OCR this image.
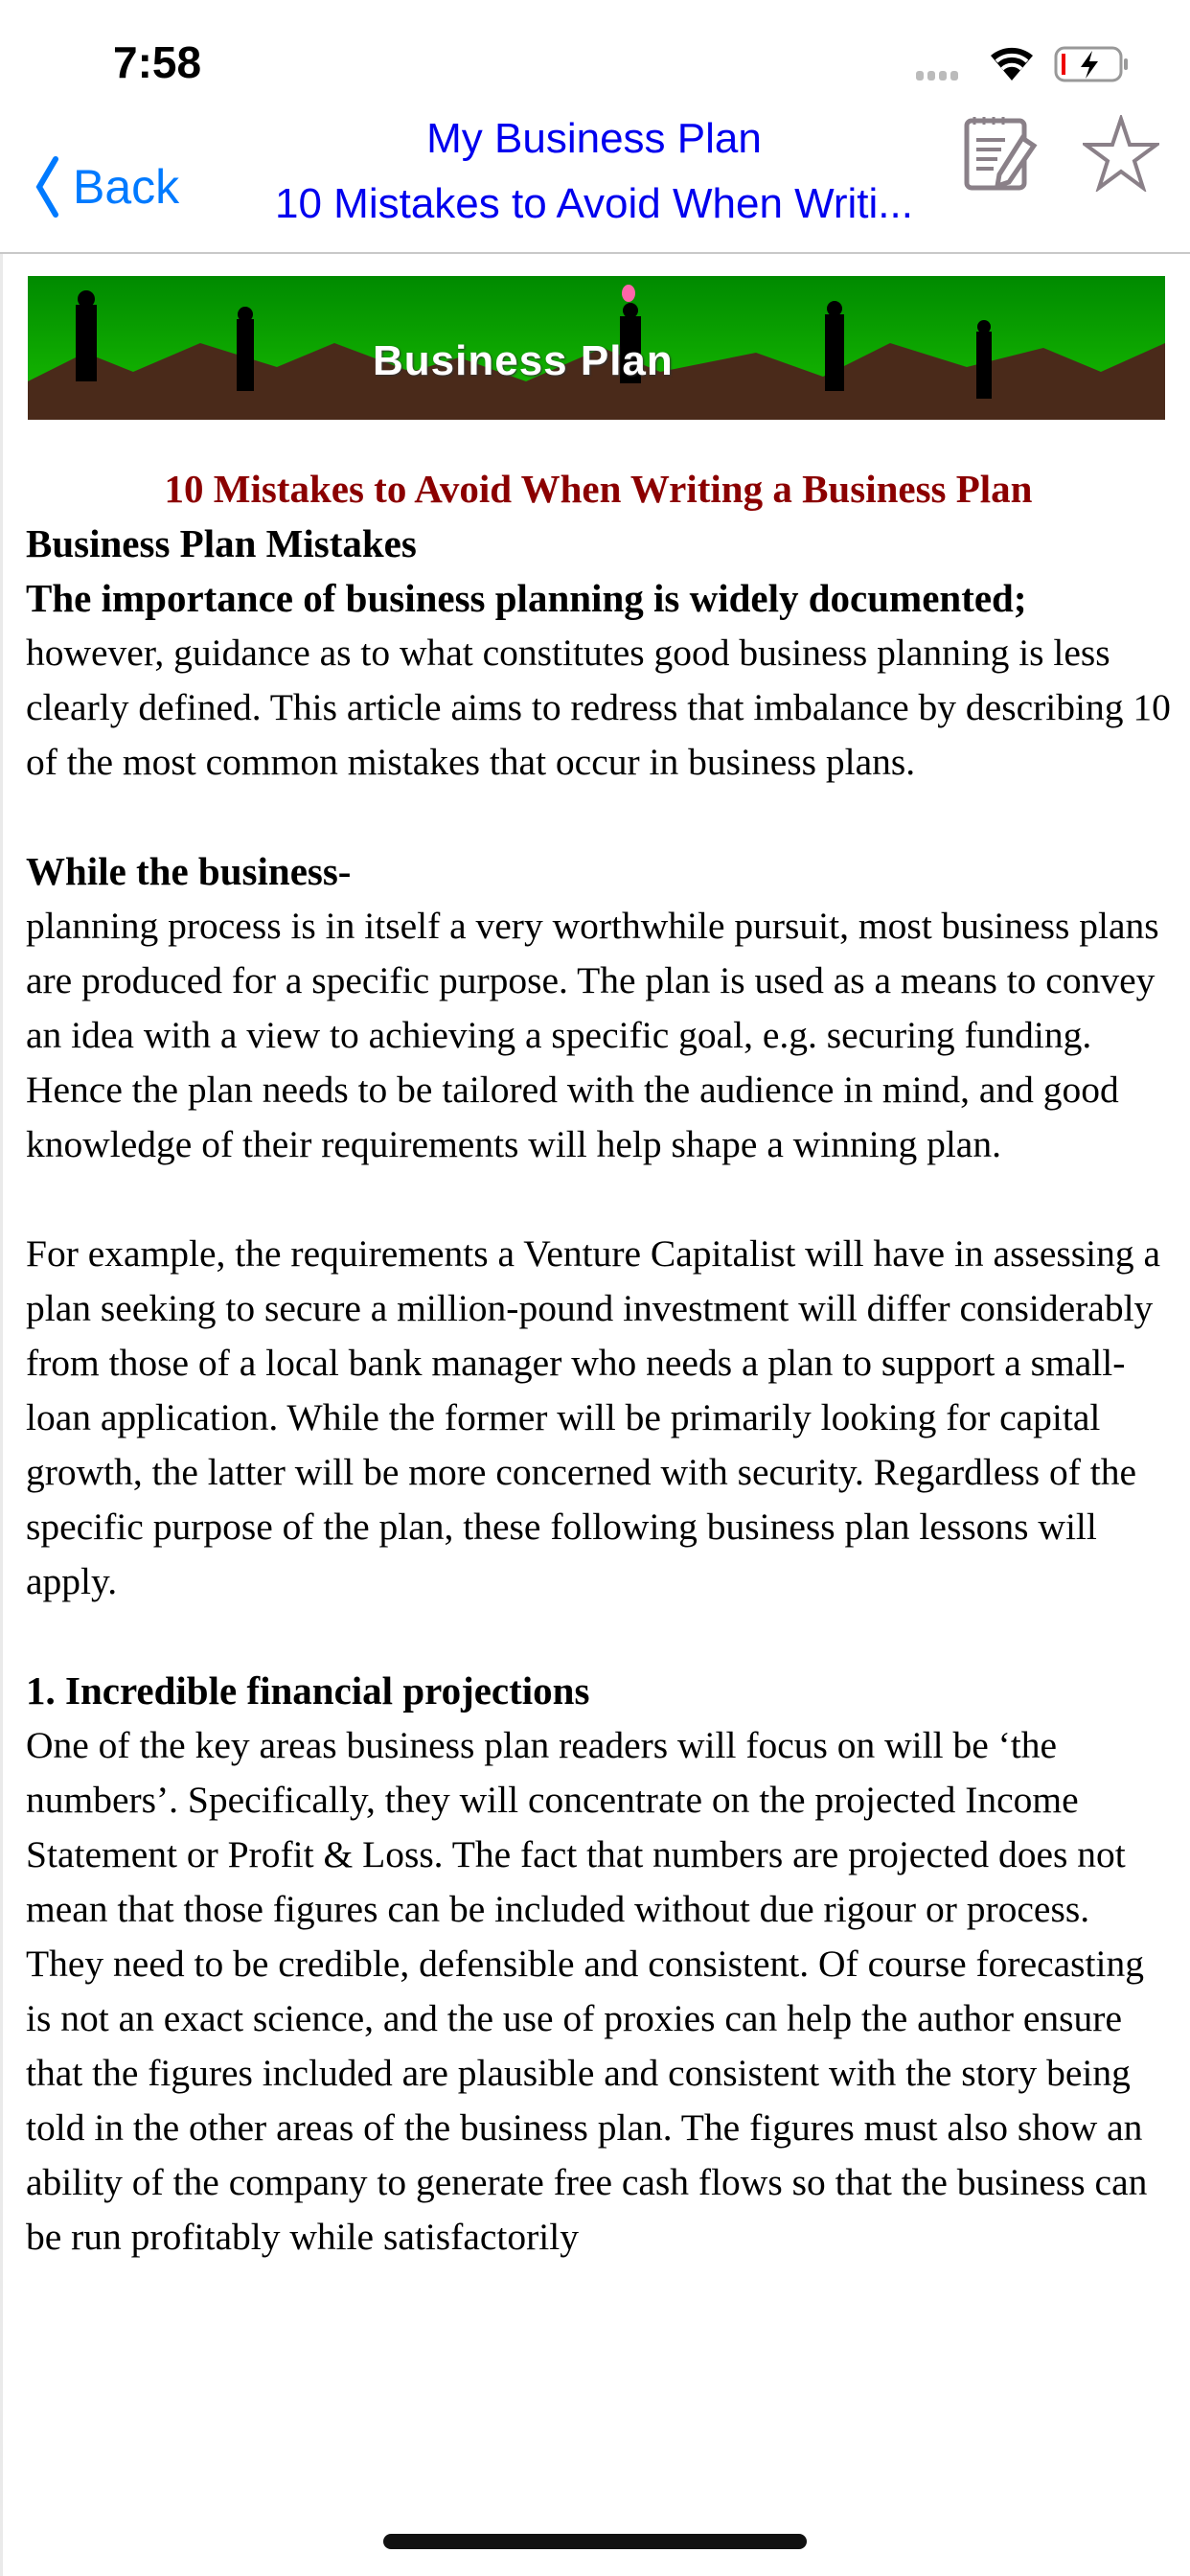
7:58
Back
My Business Plan
10 Mistakes to Avoid When Writi...
Business Plan

10 Mistakes to Avoid When Writing a Business Plan

Business Plan Mistakes

The importance of business planning is widely documented;

however, guidance as to what constitutes good business planning is less clearly defined. This article aims to redress that imbalance by describing 10 of the most common mistakes that occur in business plans.

While the business-

planning process is in itself a very worthwhile pursuit, most business plans are produced for a specific purpose. The plan is used as a means to convey an idea with a view to achieving a specific goal, e.g. securing funding. Hence the plan needs to be tailored with the audience in mind, and good knowledge of their requirements will help shape a winning plan.

For example, the requirements a Venture Capitalist will have in assessing a plan seeking to secure a million-pound investment will differ considerably from those of a local bank manager who needs a plan to support a small-loan application. While the former will be primarily looking for capital growth, the latter will be more concerned with security. Regardless of the specific purpose of the plan, these following business plan lessons will apply.

1. Incredible financial projections

One of the key areas business plan readers will focus on will be ‘the numbers’. Specifically, they will concentrate on the projected Income Statement or Profit & Loss. The fact that numbers are projected does not mean that those figures can be included without due rigour or process. They need to be credible, defensible and consistent. Of course forecasting is not an exact science, and the use of proxies can help the author ensure that the figures included are plausible and consistent with the story being told in the other areas of the business plan. The figures must also show an ability of the company to generate free cash flows so that the business can be run profitably while satisfactorily
